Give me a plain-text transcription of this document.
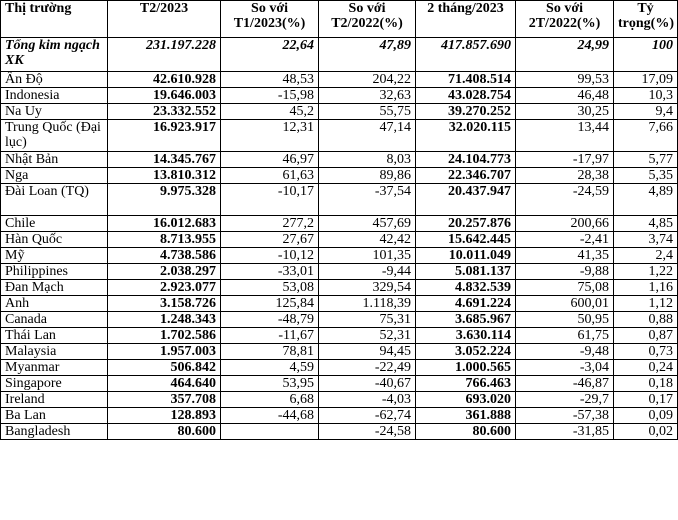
Thị trường	T2/2023	So với T1/2023(%)	So với T2/2022(%)	2 tháng/2023	So với 2T/2022(%)	Tỷ trọng(%)
Tổng kim ngạch XK	231.197.228	22,64	47,89	417.857.690	24,99	100
Ấn Độ	42.610.928	48,53	204,22	71.408.514	99,53	17,09
Indonesia	19.646.003	-15,98	32,63	43.028.754	46,48	10,3
Na Uy	23.332.552	45,2	55,75	39.270.252	30,25	9,4
Trung Quốc (Đại lục)	16.923.917	12,31	47,14	32.020.115	13,44	7,66
Nhật Bản	14.345.767	46,97	8,03	24.104.773	-17,97	5,77
Nga	13.810.312	61,63	89,86	22.346.707	28,38	5,35
Đài Loan (TQ)	9.975.328	-10,17	-37,54	20.437.947	-24,59	4,89
Chile	16.012.683	277,2	457,69	20.257.876	200,66	4,85
Hàn Quốc	8.713.955	27,67	42,42	15.642.445	-2,41	3,74
Mỹ	4.738.586	-10,12	101,35	10.011.049	41,35	2,4
Philippines	2.038.297	-33,01	-9,44	5.081.137	-9,88	1,22
Đan Mạch	2.923.077	53,08	329,54	4.832.539	75,08	1,16
Anh	3.158.726	125,84	1.118,39	4.691.224	600,01	1,12
Canada	1.248.343	-48,79	75,31	3.685.967	50,95	0,88
Thái Lan	1.702.586	-11,67	52,31	3.630.114	61,75	0,87
Malaysia	1.957.003	78,81	94,45	3.052.224	-9,48	0,73
Myanmar	506.842	4,59	-22,49	1.000.565	-3,04	0,24
Singapore	464.640	53,95	-40,67	766.463	-46,87	0,18
Ireland	357.708	6,68	-4,03	693.020	-29,7	0,17
Ba Lan	128.893	-44,68	-62,74	361.888	-57,38	0,09
Bangladesh	80.600		-24,58	80.600	-31,85	0,02
